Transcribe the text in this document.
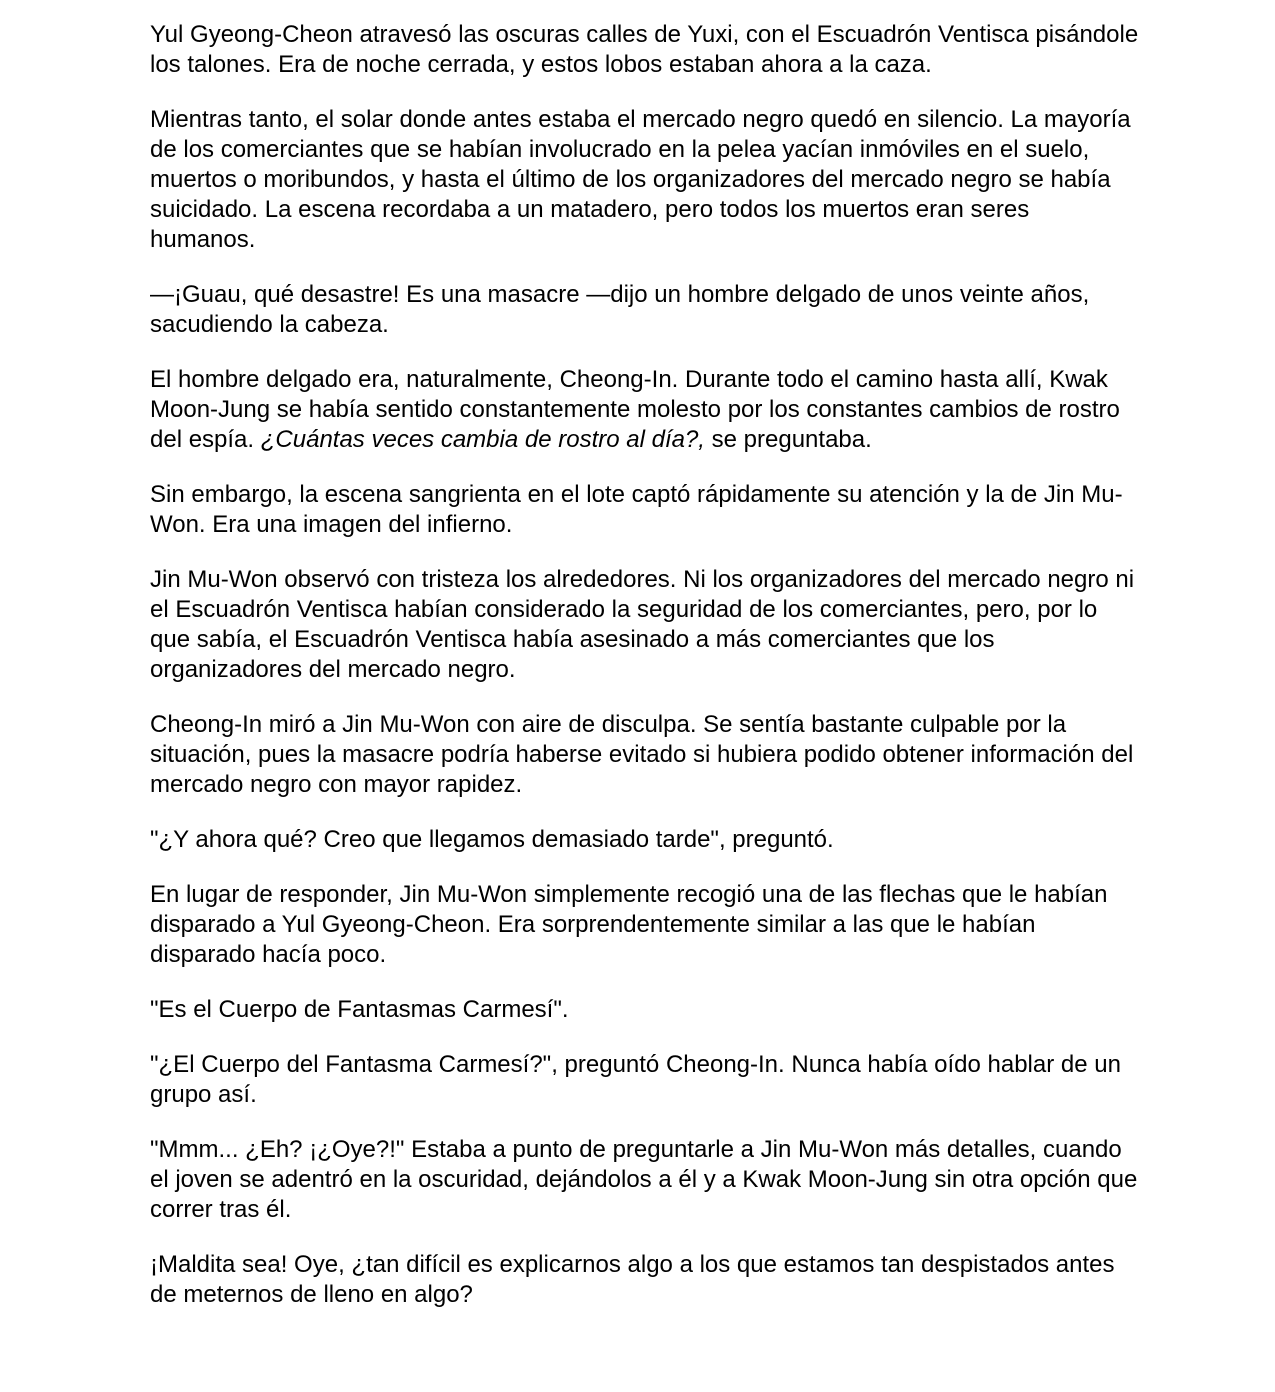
Yul Gyeong-Cheon atravesó las oscuras calles de Yuxi, con el Escuadrón Ventisca pisándole los talones. Era de noche cerrada, y estos lobos estaban ahora a la caza.

Mientras tanto, el solar donde antes estaba el mercado negro quedó en silencio. La mayoría de los comerciantes que se habían involucrado en la pelea yacían inmóviles en el suelo, muertos o moribundos, y hasta el último de los organizadores del mercado negro se había suicidado. La escena recordaba a un matadero, pero todos los muertos eran seres humanos.

—¡Guau, qué desastre! Es una masacre —dijo un hombre delgado de unos veinte años, sacudiendo la cabeza.

El hombre delgado era, naturalmente, Cheong-In. Durante todo el camino hasta allí, Kwak Moon-Jung se había sentido constantemente molesto por los constantes cambios de rostro del espía. ¿Cuántas veces cambia de rostro al día?, se preguntaba.

Sin embargo, la escena sangrienta en el lote captó rápidamente su atención y la de Jin Mu-Won. Era una imagen del infierno.

Jin Mu-Won observó con tristeza los alrededores. Ni los organizadores del mercado negro ni el Escuadrón Ventisca habían considerado la seguridad de los comerciantes, pero, por lo que sabía, el Escuadrón Ventisca había asesinado a más comerciantes que los organizadores del mercado negro.

Cheong-In miró a Jin Mu-Won con aire de disculpa. Se sentía bastante culpable por la situación, pues la masacre podría haberse evitado si hubiera podido obtener información del mercado negro con mayor rapidez.

"¿Y ahora qué? Creo que llegamos demasiado tarde", preguntó.

En lugar de responder, Jin Mu-Won simplemente recogió una de las flechas que le habían disparado a Yul Gyeong-Cheon. Era sorprendentemente similar a las que le habían disparado hacía poco.

"Es el Cuerpo de Fantasmas Carmesí".

"¿El Cuerpo del Fantasma Carmesí?", preguntó Cheong-In. Nunca había oído hablar de un grupo así.

"Mmm... ¿Eh? ¡¿Oye?!" Estaba a punto de preguntarle a Jin Mu-Won más detalles, cuando el joven se adentró en la oscuridad, dejándolos a él y a Kwak Moon-Jung sin otra opción que correr tras él.

¡Maldita sea! Oye, ¿tan difícil es explicarnos algo a los que estamos tan despistados antes de meternos de lleno en algo?
